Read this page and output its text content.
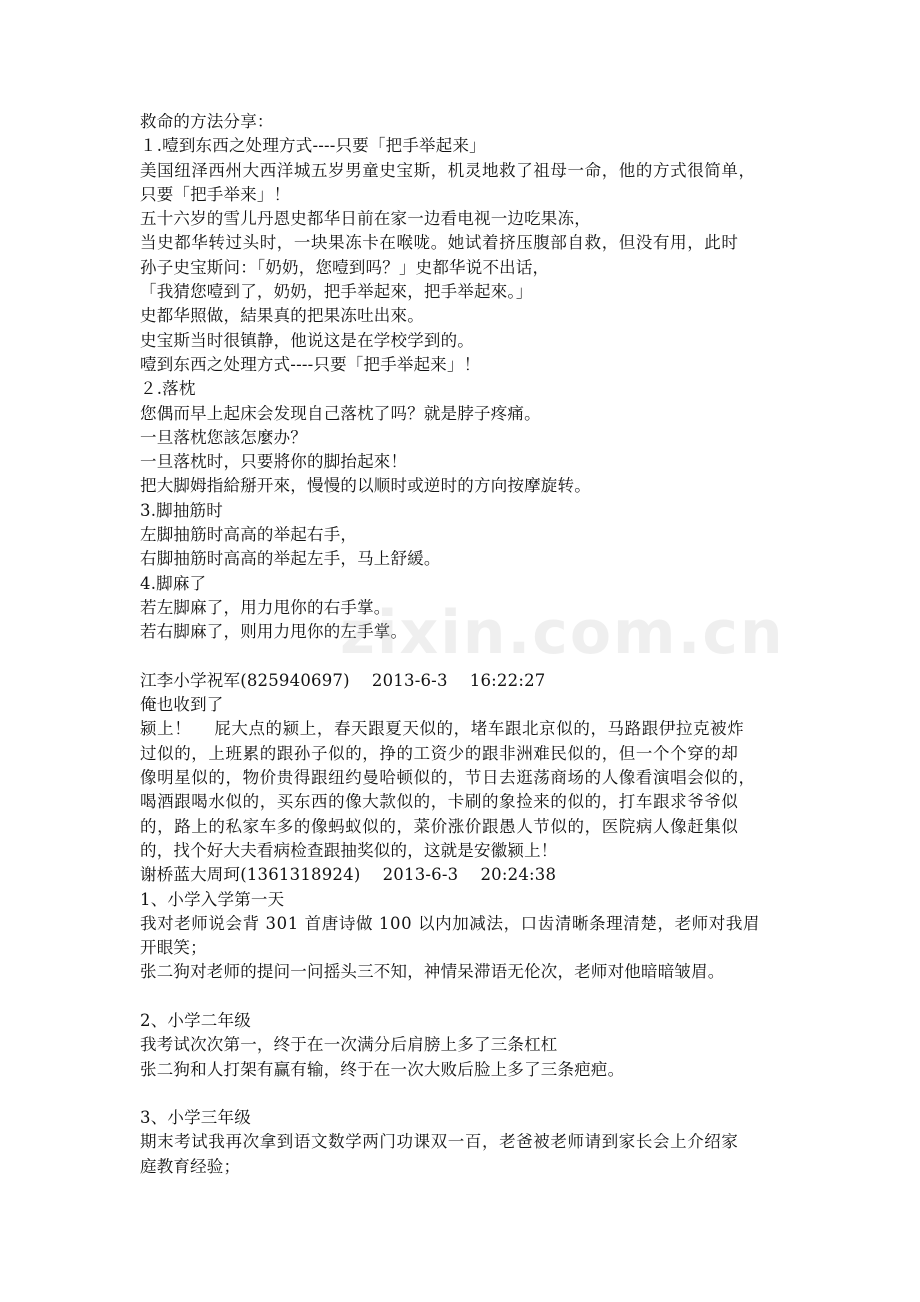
救命的方法分享：
１.噎到东西之处理方式----只要「把手举起来」
美国纽泽西州大西洋城五岁男童史宝斯，机灵地救了祖母一命，他的方式很简单，
只要「把手举来」！
五十六岁的雪儿丹恩史都华日前在家一边看电视一边吃果冻，
当史都华转过头时，一块果冻卡在喉咙。她试着挤压腹部自救，但没有用，此时
孙子史宝斯问：「奶奶，您噎到吗？」史都华说不出话，
「我猜您噎到了，奶奶，把手举起來，把手举起來。」
史都华照做，結果真的把果冻吐出來。
史宝斯当时很镇静，他说这是在学校学到的。
噎到东西之处理方式----只要「把手举起来」！
２.落枕
您偶而早上起床会发现自己落枕了吗？就是脖子疼痛。
一旦落枕您該怎麼办？
一旦落枕时，只要將你的脚抬起來！
把大脚姆指給掰开來，慢慢的以顺时或逆时的方向按摩旋转。
3.脚抽筋时
左脚抽筋时高高的举起右手，
右脚抽筋时高高的举起左手，马上舒緩。
4.脚麻了
若左脚麻了，用力甩你的右手掌。
若右脚麻了，则用力甩你的左手掌。
江李小学祝军(825940697)　 2013-6-3　 16:22:27
俺也收到了
颍上！　 屁大点的颍上，春天跟夏天似的，堵车跟北京似的，马路跟伊拉克被炸
过似的，上班累的跟孙子似的，挣的工资少的跟非洲难民似的，但一个个穿的却
像明星似的，物价贵得跟纽约曼哈顿似的，节日去逛荡商场的人像看演唱会似的，
喝酒跟喝水似的，买东西的像大款似的，卡刷的象捡来的似的，打车跟求爷爷似
的，路上的私家车多的像蚂蚁似的，菜价涨价跟愚人节似的，医院病人像赶集似
的，找个好大夫看病检查跟抽奖似的，这就是安徽颍上！
谢桥蓝大周珂(1361318924)　 2013-6-3　 20:24:38
1、小学入学第一天
我对老师说会背 301 首唐诗做 100 以内加减法，口齿清晰条理清楚，老师对我眉
开眼笑；
张二狗对老师的提问一问摇头三不知，神情呆滞语无伦次，老师对他暗暗皱眉。
2、小学二年级
我考试次次第一，终于在一次满分后肩膀上多了三条杠杠
张二狗和人打架有赢有输，终于在一次大败后脸上多了三条疤疤。
3、小学三年级
期末考试我再次拿到语文数学两门功课双一百，老爸被老师请到家长会上介绍家
庭教育经验；
zixin.com.cn
